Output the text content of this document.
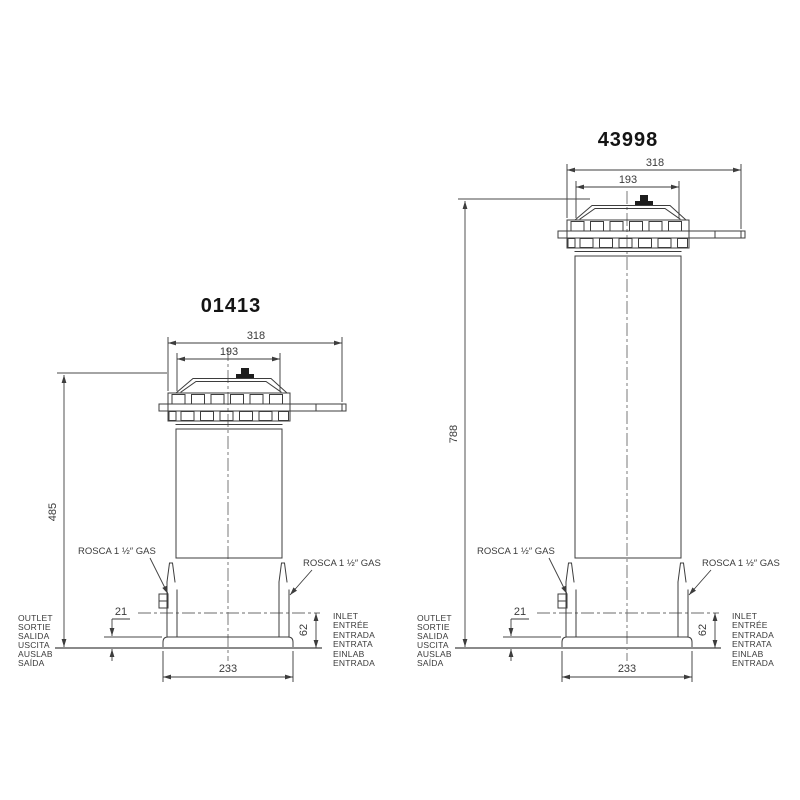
01413
318
193
485
21
62
233
ROSCA 1 ½″ GAS
ROSCA 1 ½″ GAS
OUTLET
SORTIE
SALIDA
USCITA
AUSLAB
SAÍDA
INLET
ENTRÉE
ENTRADA
ENTRATA
EINLAB
ENTRADA
43998
318
193
788
21
62
233
ROSCA 1 ½″ GAS
ROSCA 1 ½″ GAS
OUTLET
SORTIE
SALIDA
USCITA
AUSLAB
SAÍDA
INLET
ENTRÉE
ENTRADA
ENTRATA
EINLAB
ENTRADA
